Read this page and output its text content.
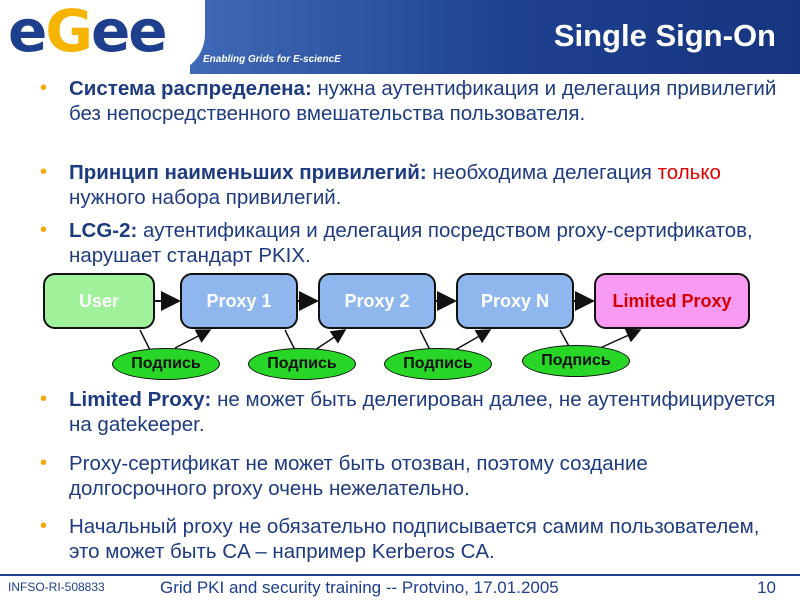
eGee	Enabling Grids for E-sciencE
Single Sign-On
• Система распределена: нужна аутентификация и делегация привилегий без непосредственного вмешательства пользователя.
• Принцип наименьших привилегий: необходима делегация только нужного набора привилегий.
• LCG-2: аутентификация и делегация посредством proxy-сертификатов, нарушает стандарт PKIX.
• Limited Proxy: не может быть делегирован далее, не аутентифицируется на gatekeeper.
• Proxy-сертификат не может быть отозван, поэтому создание долгосрочного proxy очень нежелательно.
• Начальный proxy не обязательно подписывается самим пользователем, это может быть CA – например Kerberos CA.
User	Proxy 1	Proxy 2	Proxy N	Limited Proxy
Подпись	Подпись	Подпись	Подпись
INFSO-RI-508833	Grid PKI and security training -- Protvino, 17.01.2005	10
